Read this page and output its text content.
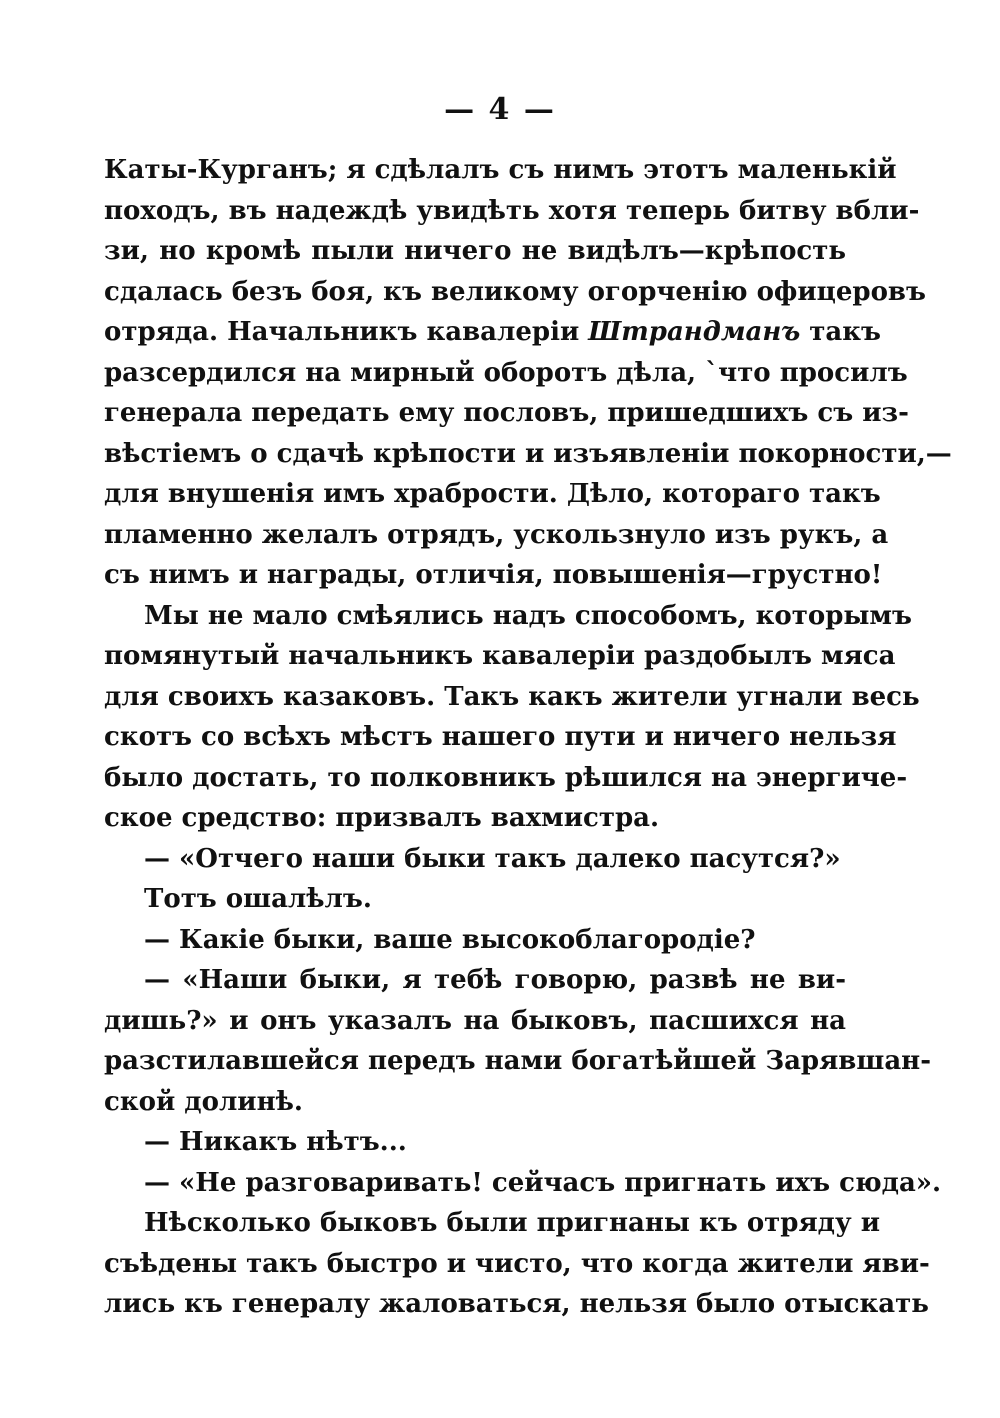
— 4 —
Каты-Курганъ; я сдѣлалъ съ нимъ этотъ маленькій
походъ, въ надеждѣ увидѣть хотя теперь битву вбли-
зи, но кромѣ пыли ничего не видѣлъ—крѣпость
сдалась безъ боя, къ великому огорченію офицеровъ
отряда. Начальникъ кавалеріи Штрандманъ такъ
разсердился на мирный оборотъ дѣла, `что просилъ
генерала передать ему пословъ, пришедшихъ съ из-
вѣстіемъ о сдачѣ крѣпости и изъявленіи покорности,—
для внушенія имъ храбрости. Дѣло, котораго такъ
пламенно желалъ отрядъ, ускользнуло изъ рукъ, а
съ нимъ и награды, отличія, повышенія—грустно!
Мы не мало смѣялись надъ способомъ, которымъ
помянутый начальникъ кавалеріи раздобылъ мяса
для своихъ казаковъ. Такъ какъ жители угнали весь
скотъ со всѣхъ мѣстъ нашего пути и ничего нельзя
было достать, то полковникъ рѣшился на энергиче-
ское средство: призвалъ вахмистра.
— «Отчего наши быки такъ далеко пасутся?»
Тотъ ошалѣлъ.
— Какіе быки, ваше высокоблагородіе?
— «Наши быки, я тебѣ говорю, развѣ не ви-
дишь?» и онъ указалъ на быковъ, пасшихся на
разстилавшейся передъ нами богатѣйшей Зарявшан-
ской долинѣ.
— Никакъ нѣтъ...
— «Не разговаривать! сейчасъ пригнать ихъ сюда».
Нѣсколько быковъ были пригнаны къ отряду и
съѣдены такъ быстро и чисто, что когда жители яви-
лись къ генералу жаловаться, нельзя было отыскать
